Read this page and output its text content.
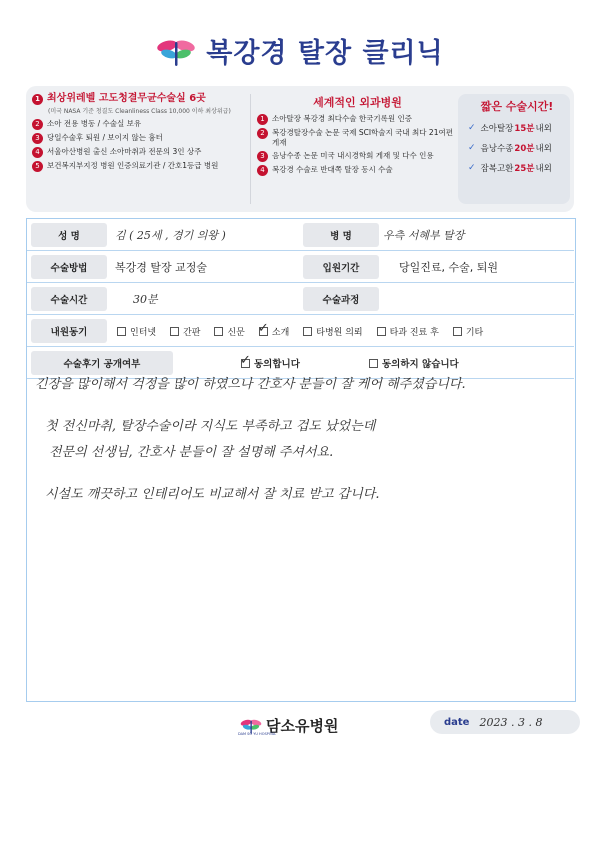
복강경 탈장 클리닉
1 최상위레벨 고도청결무균수술실 6곳
(미국 NASA 기준 청결도 Cleanliness Class 10,000 이하 최상위급)
2 소아 전용 병동 / 수술실 보유
3 당일수술후 퇴원 / 보이지 않는 흉터
4 서울아산병원 출신 소아마취과 전문의 3인 상주
5 보건복지부지정 병원 인증의료기관 / 간호1등급 병원
세계적인 외과병원
1 소아탈장 복강경 최다수술 한국기록원 인증
2 복강경탈장수술 논문 국제 SCI학술지 국내 최다 21여편 게재
3 음낭수종 논문 미국 내시경학회 게재 및 다수 인용
4 복강경 수술로 반대쪽 탈장 동시 수술
짧은 수술시간!
✓ 소아탈장 15분 내외
✓ 음낭수종 20분 내외
✓ 잠복고환 25분 내외
성 명	김 ( 25세 , 경기 의왕 )	병 명	우측 서혜부 탈장
수술방법	복강경 탈장 교정술	입원기간	당일진료, 수술, 퇴원
수술시간	30분	수술과정
내원동기	인터넷	간판	신문 ✓ 소개	타병원 의뢰	타과 진료 후	기타
수술후기 공개여부	✓ 동의합니다	동의하지 않습니다
긴장을 많이해서 걱정을 많이 하였으나 간호사 분들이 잘 케어 해주셨습니다.
첫 전신마취, 탈장수술이라 지식도 부족하고 겁도 났었는데
전문의 선생님, 간호사 분들이 잘 설명해 주셔서요.
시설도 깨끗하고 인테리어도 비교해서 잘 치료 받고 갑니다.
담소유병원
DAM SO YU HOSPITAL
date 2023 . 3 . 8
